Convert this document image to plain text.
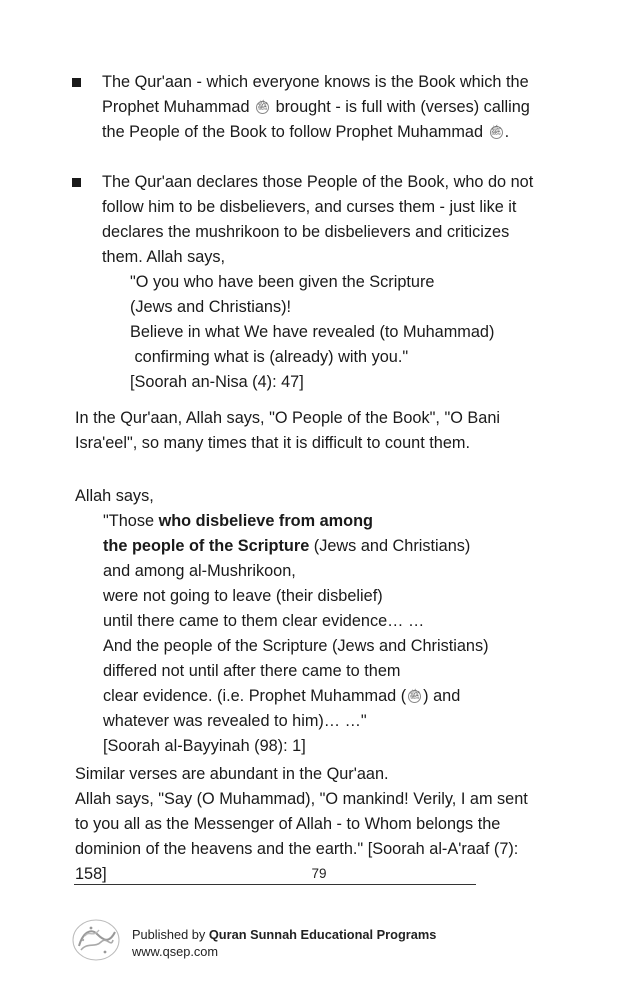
The Qur'aan - which everyone knows is the Book which the
Prophet Muhammad ﷺ brought - is full with (verses) calling
the People of the Book to follow Prophet Muhammad ﷺ .
The Qur'aan declares those People of the Book, who do not
follow him to be disbelievers, and curses them - just like it
declares the mushrikoon to be disbelievers and criticizes
them. Allah says,
"O you who have been given the Scripture
(Jews and Christians)!
Believe in what We have revealed (to Muhammad)
confirming what is (already) with you."
[Soorah an-Nisa (4): 47]
In the Qur'aan, Allah says, "O People of the Book", "O Bani
Isra'eel", so many times that it is difficult to count them.
Allah says,
"Those who disbelieve from among
the people of the Scripture (Jews and Christians)
and among al-Mushrikoon,
were not going to leave (their disbelief)
until there came to them clear evidence… …
And the people of the Scripture (Jews and Christians)
differed not until after there came to them
clear evidence. (i.e. Prophet Muhammad ( ﷺ ) and
whatever was revealed to him)… …"
[Soorah al-Bayyinah (98): 1]
Similar verses are abundant in the Qur'aan.
Allah says, "Say (O Muhammad), "O mankind! Verily, I am sent
to you all as the Messenger of Allah - to Whom belongs the
dominion of the heavens and the earth." [Soorah al-A'raaf (7):
158]	79
Published by Quran Sunnah Educational Programs
www.qsep.com
